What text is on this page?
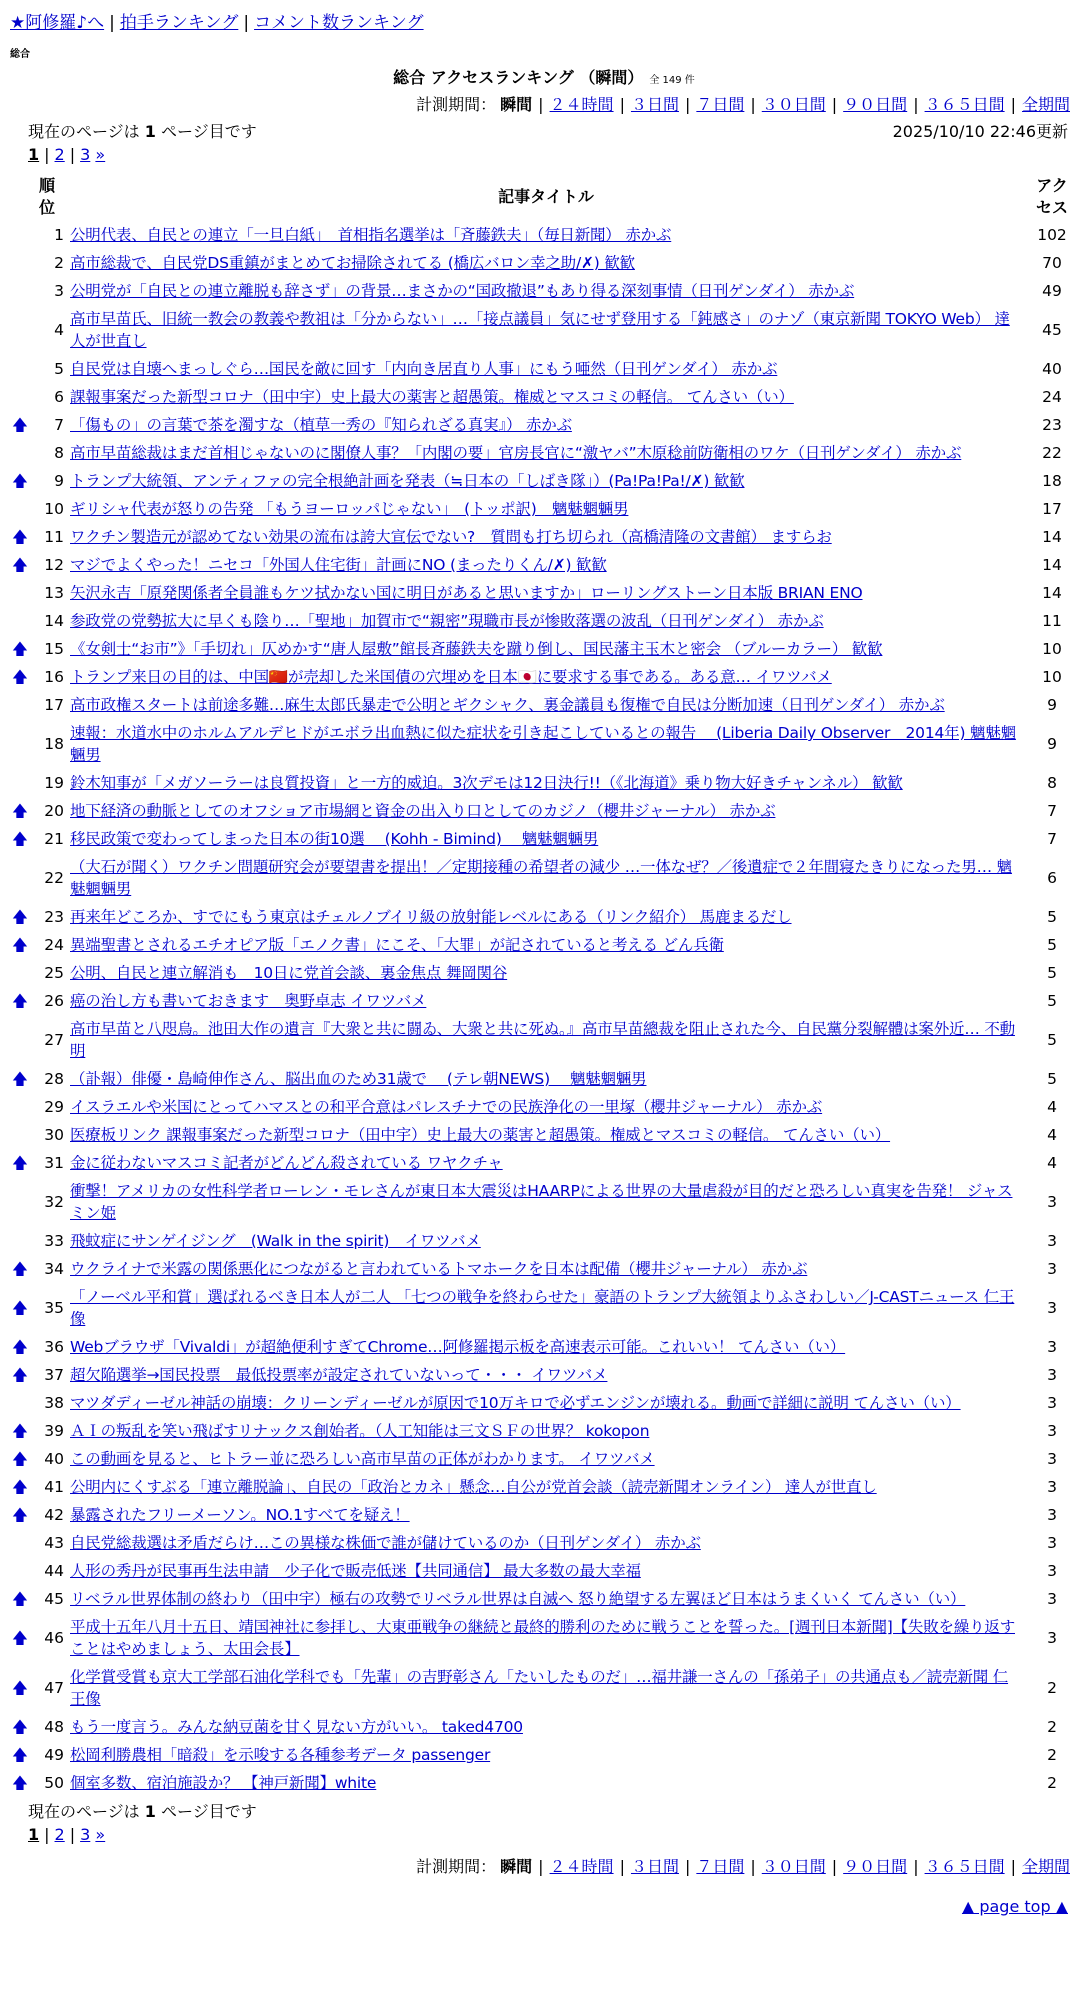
★阿修羅♪へ | 拍手ランキング | コメント数ランキング
総合
総合 アクセスランキング （瞬間） 全 149 件
計測期間： 瞬間 | ２４時間 | ３日間 | ７日間 | ３０日間 | ９０日間 | ３６５日間 | 全期間
現在のページは 1 ページ目です	2025/10/10 22:46更新
1 | 2 | 3 »
	順位	記事タイトル	アクセス
	1	公明代表、自民との連立「一旦白紙」　首相指名選挙は「斉藤鉄夫」（毎日新聞） 赤かぶ	102
	2	高市総裁で、自民党DS重鎮がまとめてお掃除されてる (橋広バロン幸之助/✗) 歓歓	70
	3	公明党が「自民との連立離脱も辞さず」の背景…まさかの“国政撤退”もあり得る深刻事情（日刊ゲンダイ） 赤かぶ	49
	4	高市早苗氏、旧統一教会の教義や教祖は「分からない」…「接点議員」気にせず登用する「鈍感さ」のナゾ（東京新聞 TOKYO Web） 達人が世直し	45
	5	自民党は自壊へまっしぐら…国民を敵に回す「内向き居直り人事」にもう唖然（日刊ゲンダイ） 赤かぶ	40
	6	課報事案だった新型コロナ（田中宇）史上最大の薬害と超愚策。権威とマスコミの軽信。 てんさい（い）	24
🡅	7	「傷もの」の言葉で茶を濁すな（植草一秀の『知られざる真実』） 赤かぶ	23
	8	高市早苗総裁はまだ首相じゃないのに閣僚人事？「内閣の要」官房長官に“激ヤバ”木原稔前防衛相のワケ（日刊ゲンダイ） 赤かぶ	22
🡅	9	トランプ大統領、アンティファの完全根絶計画を発表（≒日本の「しばき隊」）(Pa!Pa!Pa!/✗) 歓歓	18
	10	ギリシャ代表が怒りの告発 「もうヨーロッパじゃない」　(トッポ訳)　魑魅魍魎男	17
🡅	11	ワクチン製造元が認めてない効果の流布は誇大宣伝でない?　質問も打ち切られ（高橋清隆の文書館） ますらお	14
🡅	12	マジでよくやった！ニセコ「外国人住宅街」計画にNO (まったりくん/✗) 歓歓	14
	13	矢沢永吉「原発関係者全員誰もケツ拭かない国に明日があると思いますか」ローリングストーン日本版 BRIAN ENO	14
	14	参政党の党勢拡大に早くも陰り…「聖地」加賀市で“親密”現職市長が惨敗落選の波乱（日刊ゲンダイ） 赤かぶ	11
🡅	15	《女剣士“お市”》「手切れ」仄めかす“唐人屋敷”館長斉藤鉄夫を蹴り倒し、国民藩主玉木と密会 （ブルーカラー） 歓歓	10
🡅	16	トランプ来日の目的は、中国🇨🇳が売却した米国債の穴埋めを日本🇯🇵に要求する事である。ある意… イワツバメ	10
	17	高市政権スタートは前途多難…麻生太郎氏暴走で公明とギクシャク、裏金議員も復権で自民は分断加速（日刊ゲンダイ） 赤かぶ	9
	18	速報：水道水中のホルムアルデヒドがエボラ出血熱に似た症状を引き起こしているとの報告 　(Liberia Daily Observer　2014年) 魑魅魍魎男	9
	19	鈴木知事が「メガソーラーは良質投資」と一方的威迫。3次デモは12日決行!!（《北海道》乗り物大好きチャンネル） 歓歓	8
🡅	20	地下経済の動脈としてのオフショア市場網と資金の出入り口としてのカジノ（櫻井ジャーナル） 赤かぶ	7
🡅	21	移民政策で変わってしまった日本の街10選 　(Kohh - Bimind)　 魑魅魍魎男	7
	22	（大石が聞く）ワクチン問題研究会が要望書を提出！／定期接種の希望者の減少 …一体なぜ？／後遺症で２年間寝たきりになった男… 魑魅魍魎男	6
🡅	23	再来年どころか、すでにもう東京はチェルノブイリ級の放射能レベルにある（リンク紹介） 馬鹿まるだし	5
🡅	24	異端聖書とされるエチオピア版「エノク書」にこそ、「大罪」が記されていると考える どん兵衛	5
	25	公明、自民と連立解消も　10日に党首会談、裏金焦点 舞岡関谷	5
🡅	26	癌の治し方も書いておきます　奥野卓志 イワツバメ	5
	27	高市早苗と八咫烏。池田大作の遺言『大衆と共に闘ゐ、大衆と共に死ぬ。』高市早苗總裁を阻止された今、自民黨分裂解體は案外近… 不動明	5
🡅	28	（訃報）俳優・島崎伸作さん、脳出血のため31歳で 　(テレ朝NEWS)　 魑魅魍魎男	5
	29	イスラエルや米国にとってハマスとの和平合意はパレスチナでの民族浄化の一里塚（櫻井ジャーナル） 赤かぶ	4
	30	医療板リンク 課報事案だった新型コロナ（田中宇）史上最大の薬害と超愚策。権威とマスコミの軽信。 てんさい（い）	4
🡅	31	金に従わないマスコミ記者がどんどん殺されている ワヤクチャ	4
	32	衝撃！アメリカの女性科学者ローレン・モレさんが東日本大震災はHAARPによる世界の大量虐殺が目的だと恐ろしい真実を告発！ ジャスミン姫	3
	33	飛蚊症にサンゲイジング　(Walk in the spirit)　イワツバメ	3
🡅	34	ウクライナで米露の関係悪化につながると言われているトマホークを日本は配備（櫻井ジャーナル） 赤かぶ	3
🡅	35	「ノーベル平和賞」選ばれるべき日本人が二人 「七つの戦争を終わらせた」豪語のトランプ大統領よりふさわしい／J-CASTニュース 仁王像	3
🡅	36	Webブラウザ「Vivaldi」が超絶便利すぎてChrome…阿修羅掲示板を高速表示可能。これいい！ てんさい（い）	3
🡅	37	超欠陥選挙→国民投票　最低投票率が設定されていないって・・・ イワツバメ	3
	38	マツダディーゼル神話の崩壊：クリーンディーゼルが原因で10万キロで必ずエンジンが壊れる。動画で詳細に説明 てんさい（い）	3
🡅	39	ＡＩの叛乱を笑い飛ばすリナックス創始者。（人工知能は三文ＳＦの世界？ kokopon	3
🡅	40	この動画を見ると、ヒトラー並に恐ろしい高市早苗の正体がわかります。 イワツバメ	3
🡅	41	公明内にくすぶる「連立離脱論」、自民の「政治とカネ」懸念…自公が党首会談（読売新聞オンライン） 達人が世直し	3
🡅	42	暴露されたフリーメーソン。NO.1すべてを疑え！	3
	43	自民党総裁選は矛盾だらけ…この異様な株価で誰が儲けているのか（日刊ゲンダイ） 赤かぶ	3
	44	人形の秀丹が民事再生法申請　少子化で販売低迷【共同通信】 最大多数の最大幸福	3
🡅	45	リベラル世界体制の終わり（田中宇）極右の攻勢でリベラル世界は自滅へ 怒り絶望する左翼ほど日本はうまくいく てんさい（い）	3
🡅	46	平成十五年八月十五日、靖国神社に参拝し、大東亜戦争の継続と最終的勝利のために戦うことを誓った。[週刊日本新聞]【失敗を繰り返すことはやめましょう、太田会長】	3
🡅	47	化学賞受賞も京大工学部石油化学科でも「先輩」の吉野彰さん「たいしたものだ」…福井謙一さんの「孫弟子」の共通点も／読売新聞 仁王像	2
🡅	48	もう一度言う。みんな納豆菌を甘く見ない方がいい。 taked4700	2
🡅	49	松岡利勝農相「暗殺」を示唆する各種参考データ passenger	2
🡅	50	個室多数、宿泊施設か？ 【神戸新聞】white	2
現在のページは 1 ページ目です
1 | 2 | 3 »
計測期間： 瞬間 | ２４時間 | ３日間 | ７日間 | ３０日間 | ９０日間 | ３６５日間 | 全期間
▲ page top ▲
